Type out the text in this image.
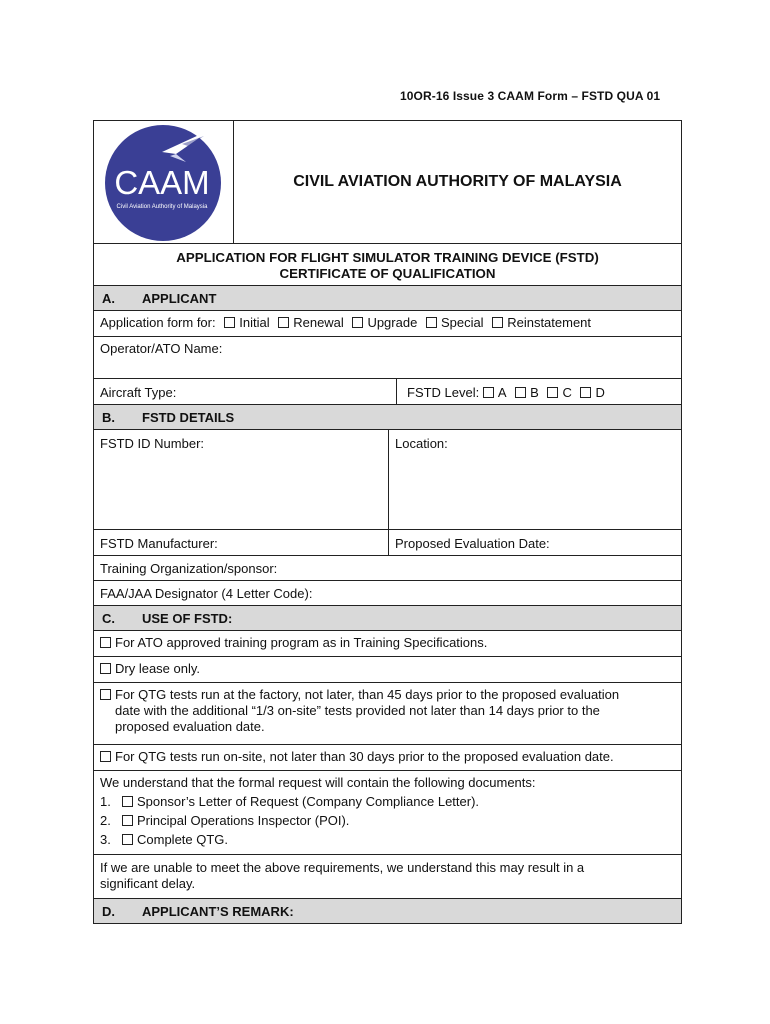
10OR-16 Issue 3 CAAM Form – FSTD QUA 01
CAAM
Civil Aviation Authority of Malaysia
CIVIL AVIATION AUTHORITY OF MALAYSIA
APPLICATION FOR FLIGHT SIMULATOR TRAINING DEVICE (FSTD)
CERTIFICATE OF QUALIFICATION
A.	APPLICANT
Application form for: Initial Renewal Upgrade Special Reinstatement
Operator/ATO Name:
Aircraft Type:	FSTD Level: A B C D
B.	FSTD DETAILS
FSTD ID Number:	Location:
FSTD Manufacturer:	Proposed Evaluation Date:
Training Organization/sponsor:
FAA/JAA Designator (4 Letter Code):
C.	USE OF FSTD:
For ATO approved training program as in Training Specifications.
Dry lease only.
For QTG tests run at the factory, not later, than 45 days prior to the proposed evaluation
date with the additional “1/3 on-site” tests provided not later than 14 days prior to the
proposed evaluation date.
For QTG tests run on-site, not later than 30 days prior to the proposed evaluation date.
We understand that the formal request will contain the following documents:
1. Sponsor’s Letter of Request (Company Compliance Letter).
2. Principal Operations Inspector (POI).
3. Complete QTG.
If we are unable to meet the above requirements, we understand this may result in a
significant delay.
D.	APPLICANT’S REMARK:
